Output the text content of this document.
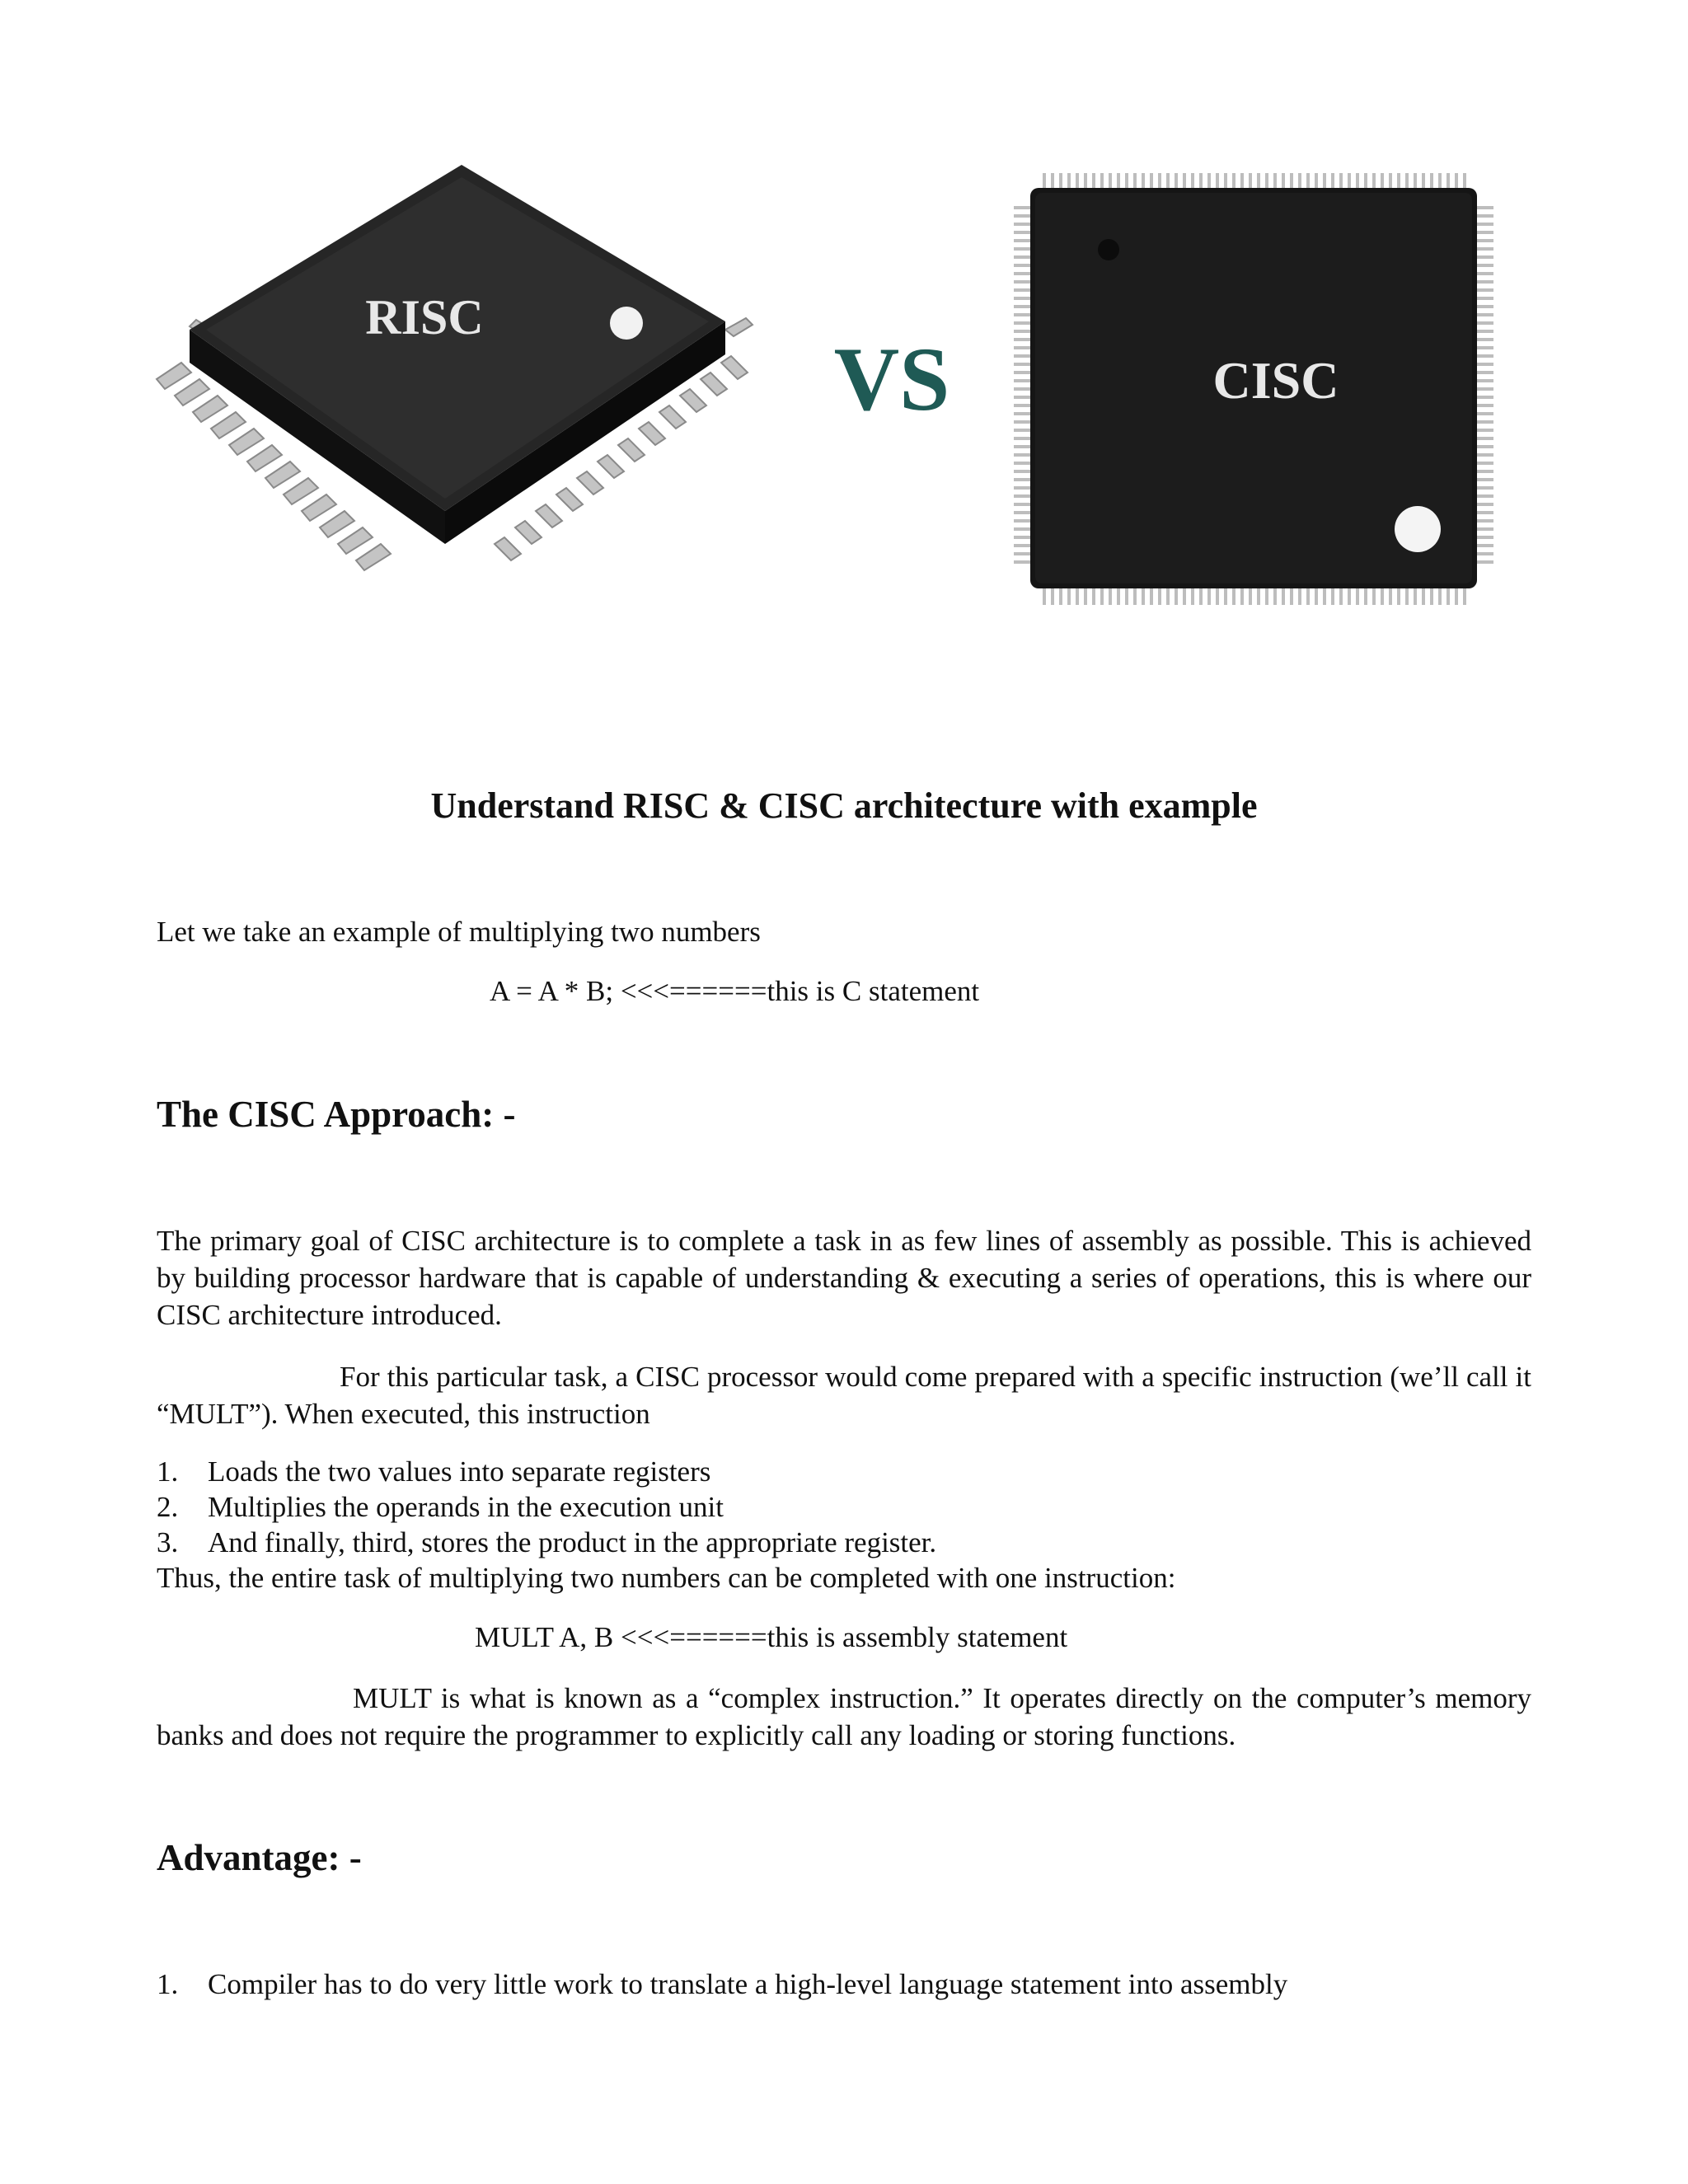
RISC
VS	CISC
Understand RISC & CISC architecture with example

Let we take an example of multiplying two numbers

A = A * B; <<<======this is C statement

The CISC Approach: -

The primary goal of CISC architecture is to complete a task in as few lines of assembly as possible. This is achieved by building processor hardware that is capable of understanding & executing a series of operations, this is where our CISC architecture introduced.

For this particular task, a CISC processor would come prepared with a specific instruction (we’ll call it “MULT”). When executed, this instruction

1. Loads the two values into separate registers
2. Multiplies the operands in the execution unit
3. And finally, third, stores the product in the appropriate register.

Thus, the entire task of multiplying two numbers can be completed with one instruction:

MULT A, B <<<======this is assembly statement

MULT is what is known as a “complex instruction.” It operates directly on the computer’s memory banks and does not require the programmer to explicitly call any loading or storing functions.

Advantage: -
1. Compiler has to do very little work to translate a high-level language statement into assembly
